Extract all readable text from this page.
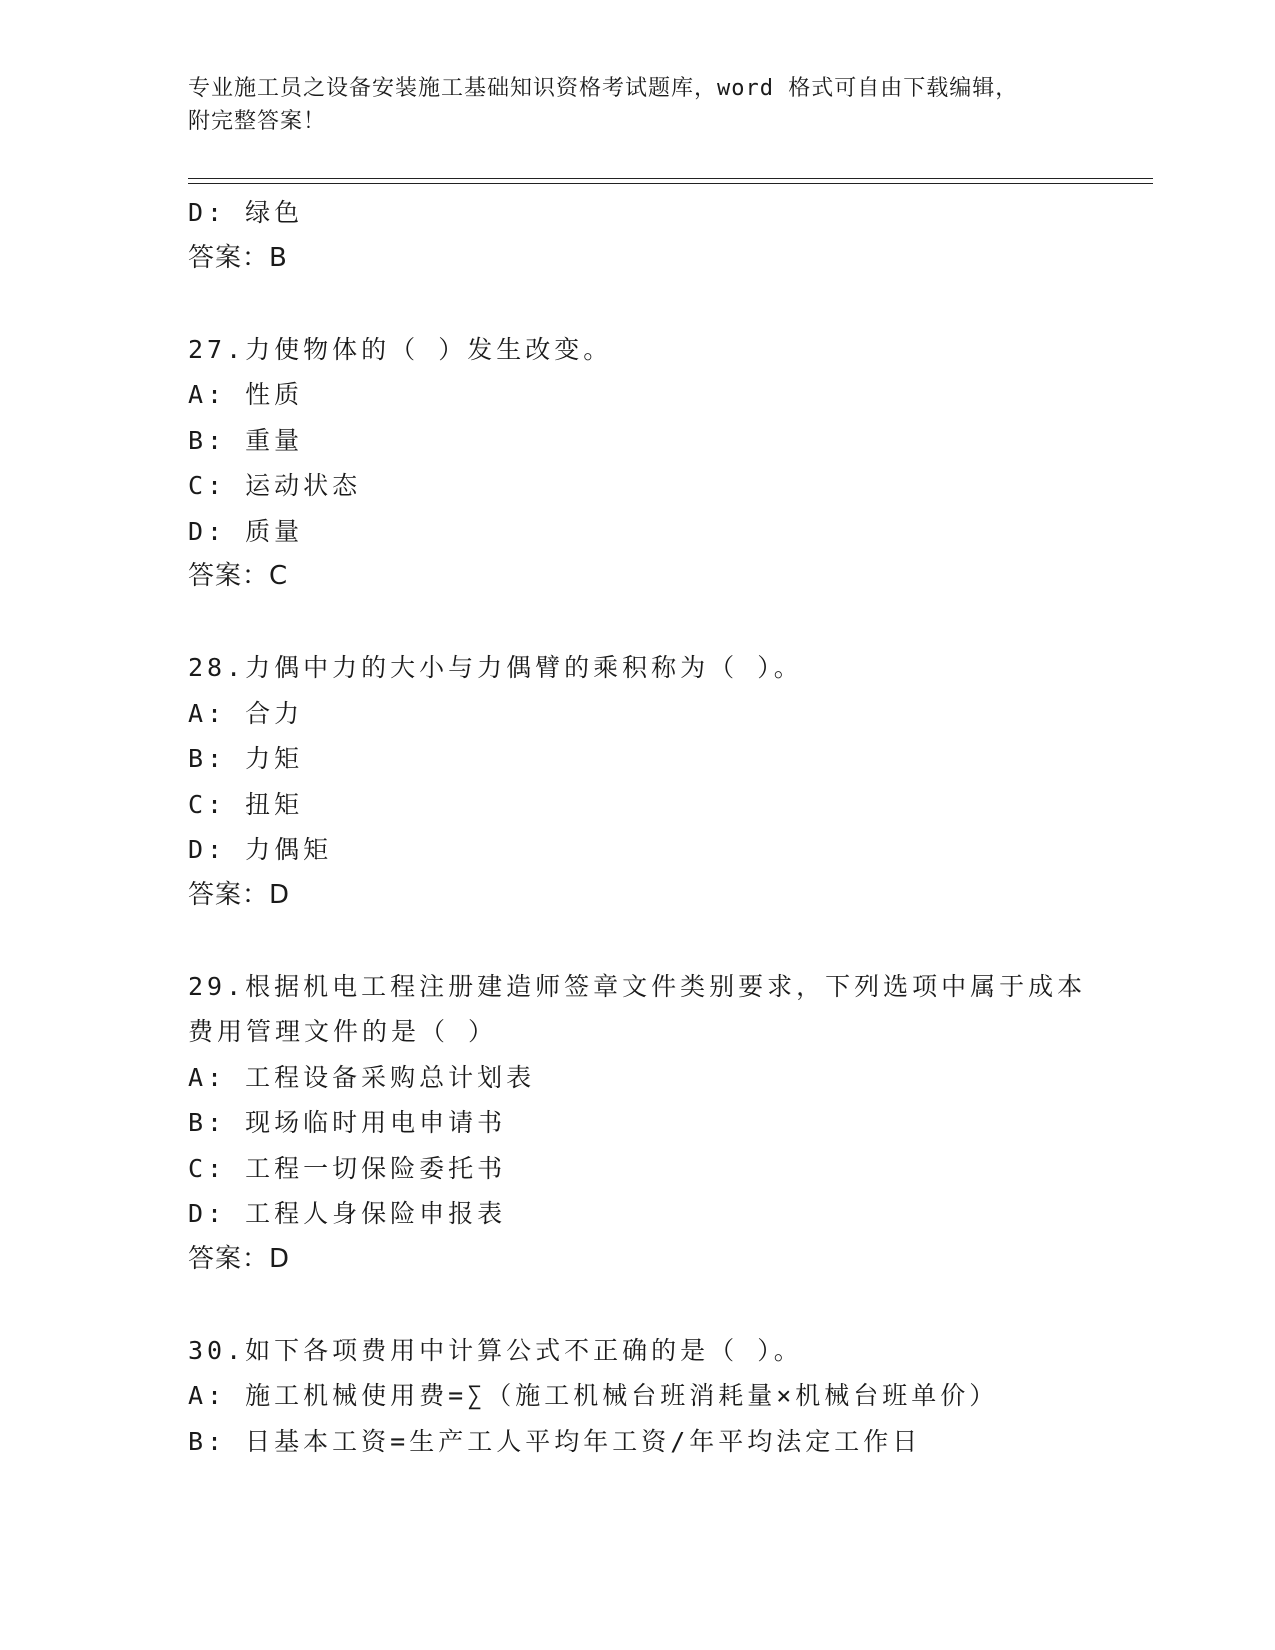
专业施工员之设备安装施工基础知识资格考试题库，word 格式可自由下载编辑，
附完整答案！
D: 绿色
答案：B
27.力使物体的（ ）发生改变。
A: 性质
B: 重量
C: 运动状态
D: 质量
答案：C
28.力偶中力的大小与力偶臂的乘积称为（ ）。
A: 合力
B: 力矩
C: 扭矩
D: 力偶矩
答案：D
29.根据机电工程注册建造师签章文件类别要求，下列选项中属于成本
费用管理文件的是（ ）
A: 工程设备采购总计划表
B: 现场临时用电申请书
C: 工程一切保险委托书
D: 工程人身保险申报表
答案：D
30.如下各项费用中计算公式不正确的是（ ）。
A: 施工机械使用费=∑（施工机械台班消耗量×机械台班单价）
B: 日基本工资=生产工人平均年工资/年平均法定工作日
